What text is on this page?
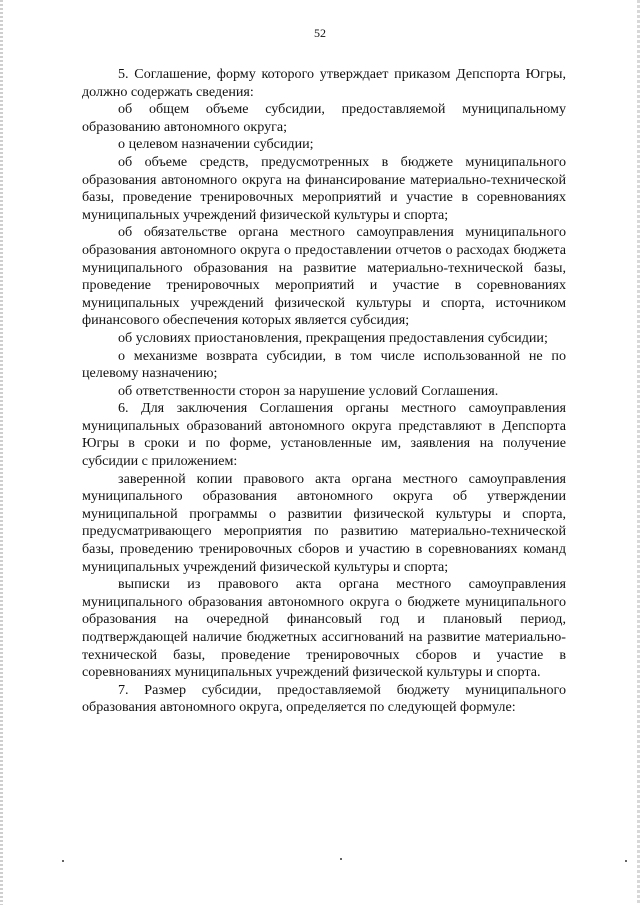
52

5. Соглашение, форму которого утверждает приказом Депспорта Югры, должно содержать сведения:

об общем объеме субсидии, предоставляемой муниципальному образованию автономного округа;

о целевом назначении субсидии;

об объеме средств, предусмотренных в бюджете муниципального образования автономного округа на финансирование материально-технической базы, проведение тренировочных мероприятий и участие в соревнованиях муниципальных учреждений физической культуры и спорта;

об обязательстве органа местного самоуправления муниципального образования автономного округа о предоставлении отчетов о расходах бюджета муниципального образования на развитие материально-технической базы, проведение тренировочных мероприятий и участие в соревнованиях муниципальных учреждений физической культуры и спорта, источником финансового обеспечения которых является субсидия;

об условиях приостановления, прекращения предоставления субсидии;

о механизме возврата субсидии, в том числе использованной не по целевому назначению;

об ответственности сторон за нарушение условий Соглашения.

6. Для заключения Соглашения органы местного самоуправления муниципальных образований автономного округа представляют в Депспорта Югры в сроки и по форме, установленные им, заявления на получение субсидии с приложением:

заверенной копии правового акта органа местного самоуправления муниципального образования автономного округа об утверждении муниципальной программы о развитии физической культуры и спорта, предусматривающего мероприятия по развитию материально-технической базы, проведению тренировочных сборов и участию в соревнованиях команд муниципальных учреждений физической культуры и спорта;

выписки из правового акта органа местного самоуправления муниципального образования автономного округа о бюджете муниципального образования на очередной финансовый год и плановый период, подтверждающей наличие бюджетных ассигнований на развитие материально-технической базы, проведение тренировочных сборов и участие в соревнованиях муниципальных учреждений физической культуры и спорта.

7. Размер субсидии, предоставляемой бюджету муниципального образования автономного округа, определяется по следующей формуле:
